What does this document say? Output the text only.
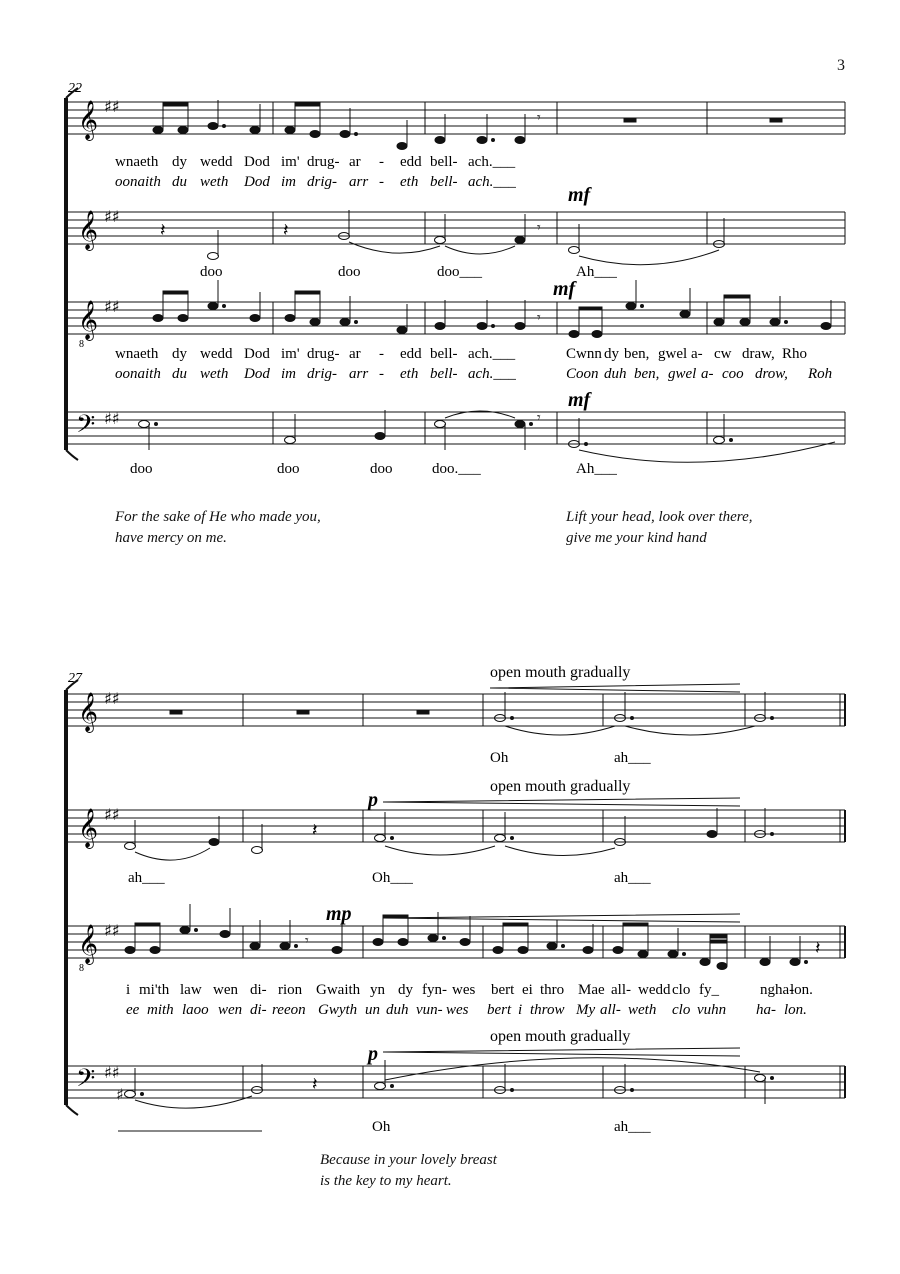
3
22
𝄞 ♯♯
𝄾
wnaeth dy wedd Dod im' drug- ar - edd bell- ach.___
oonaith du weth Dod im drig- arr - eth bell- ach.___
𝄞 ♯♯
𝄽	𝄽	𝄾
mf
doo	doo	doo___	Ah___
𝄞
8
♯♯
𝄾
mf
wnaeth dy wedd Dod im' drug- ar - edd bell- ach.___	Cwnn dy ben, gwel a- cw draw, Rho
oonaith du weth Dod im drig- arr - eth bell- ach.___	Coon duh ben, gwel a- coo drow, Roh
𝄢 ♯♯	𝄾
mf
doo	doo	doo	doo.___	Ah___
27	open mouth gradually
open mouth gradually
open mouth gradually
𝄞 ♯♯
Oh	ah___
𝄞 ♯♯
𝄽
p
ah___	Oh___	ah___
𝄞
8
♯♯
𝄽
𝄾
mp
i mi'th law wen di- rion Gwaith yn dy fyn- wes bert ei thro Mae all- wedd clo fy_	ngha- lon.
ee mith laoo wen di- reeon Gwyth un duh vun- wes bert i throw My all- weth clo vuhn ha- lon.
𝄢 ♯♯
♯
𝄽
p
Oh	ah___
For the sake of He who made you,
have mercy on me.
Lift your head, look over there,
give me your kind hand
Because in your lovely breast
is the key to my heart.
